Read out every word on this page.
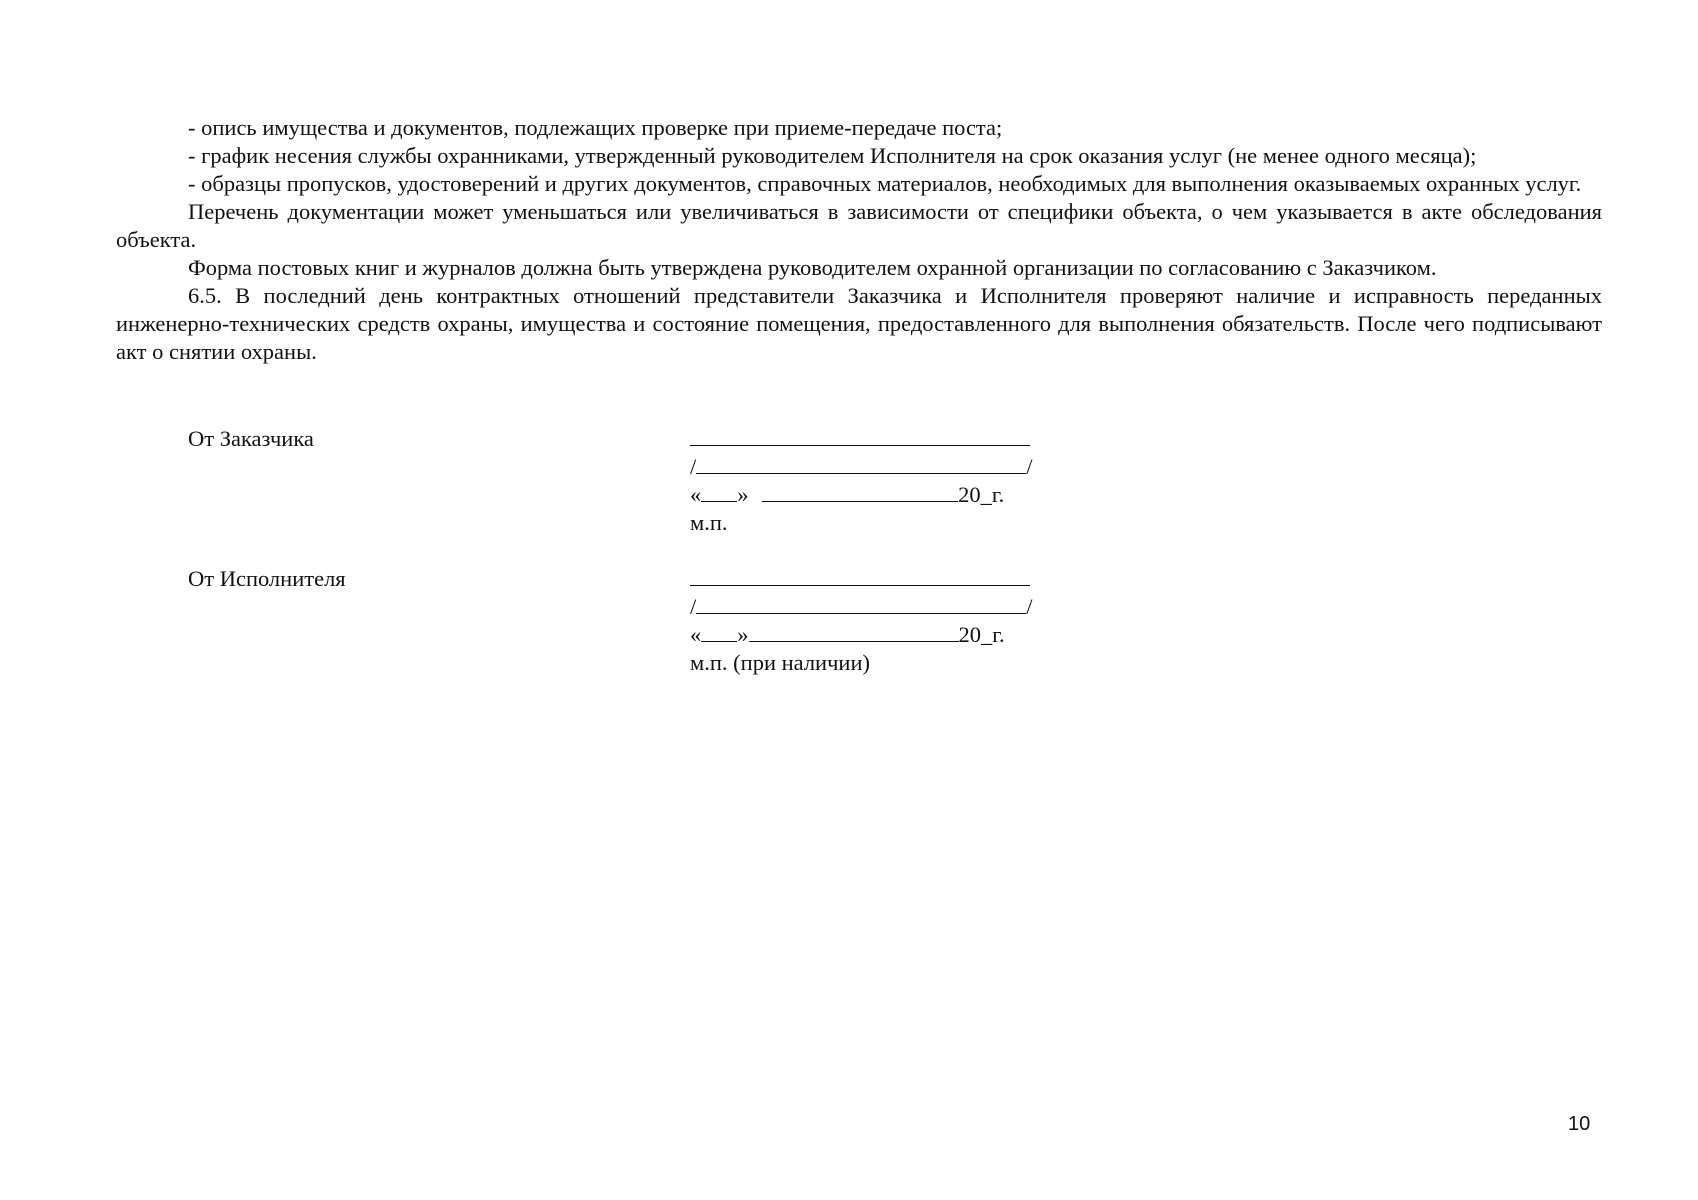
- опись имущества и документов, подлежащих проверке при приеме-передаче поста;

- график несения службы охранниками, утвержденный руководителем Исполнителя на срок оказания услуг (не менее одного месяца);

- образцы пропусков, удостоверений и других документов, справочных материалов, необходимых для выполнения оказываемых охранных услуг.

Перечень документации может уменьшаться или увеличиваться в зависимости от специфики объекта, о чем указывается в акте обследования объекта.

Форма постовых книг и журналов должна быть утверждена руководителем охранной организации по согласованию с Заказчиком.

6.5. В последний день контрактных отношений представители Заказчика и Исполнителя проверяют наличие и исправность переданных инженерно-технических средств охраны, имущества и состояние помещения, предоставленного для выполнения обязательств. После чего подписывают акт о снятии охраны.

От Заказчика

/	/
« »	20_г.
м.п.

От Исполнителя

/	/
« »	20_г.
м.п. (при наличии)
10
